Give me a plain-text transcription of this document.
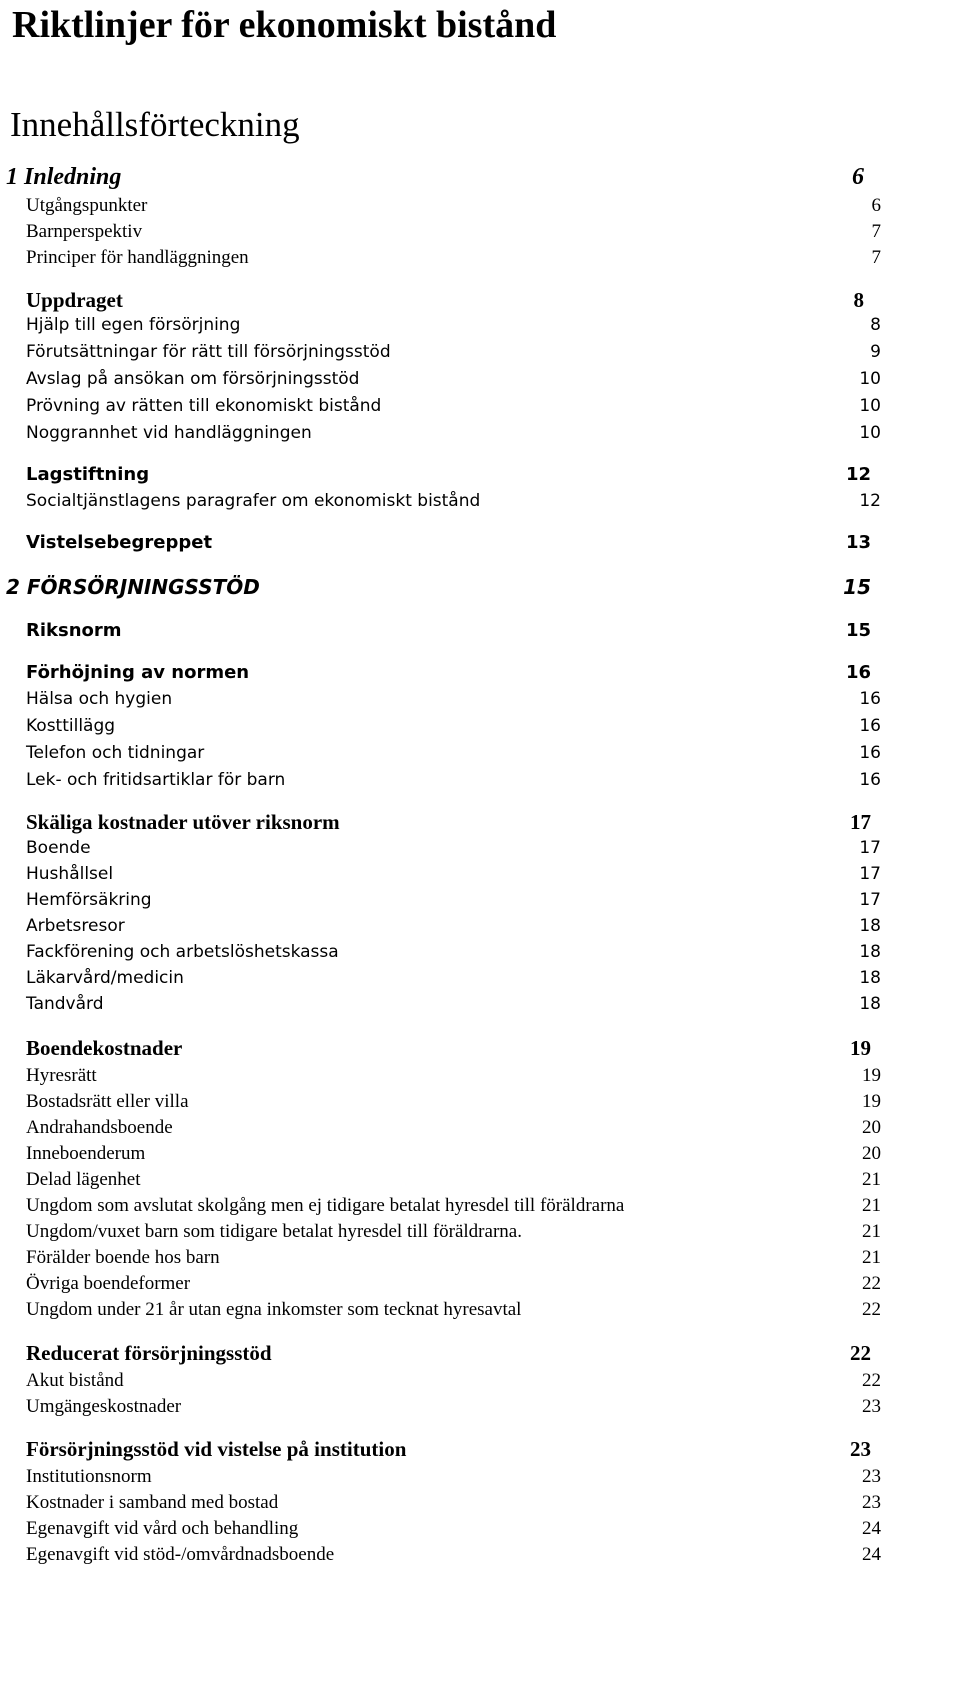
Riktlinjer för ekonomiskt bistånd
Innehållsförteckning
1 Inledning	6
Utgångspunkter	6
Barnperspektiv	7
Principer för handläggningen	7
Uppdraget	8
Hjälp till egen försörjning	8
Förutsättningar för rätt till försörjningsstöd	9
Avslag på ansökan om försörjningsstöd	10
Prövning av rätten till ekonomiskt bistånd	10
Noggrannhet vid handläggningen	10
Lagstiftning	12
Socialtjänstlagens paragrafer om ekonomiskt bistånd	12
Vistelsebegreppet	13
2 FÖRSÖRJNINGSSTÖD	15
Riksnorm	15
Förhöjning av normen	16
Hälsa och hygien	16
Kosttillägg	16
Telefon och tidningar	16
Lek- och fritidsartiklar för barn	16
Skäliga kostnader utöver riksnorm	17
Boende	17
Hushållsel	17
Hemförsäkring	17
Arbetsresor	18
Fackförening och arbetslöshetskassa	18
Läkarvård/medicin	18
Tandvård	18
Boendekostnader	19
Hyresrätt	19
Bostadsrätt eller villa	19
Andrahandsboende	20
Inneboenderum	20
Delad lägenhet	21
Ungdom som avslutat skolgång men ej tidigare betalat hyresdel till föräldrarna	21
Ungdom/vuxet barn som tidigare betalat hyresdel till föräldrarna.	21
Förälder boende hos barn	21
Övriga boendeformer	22
Ungdom under 21 år utan egna inkomster som tecknat hyresavtal	22
Reducerat försörjningsstöd	22
Akut bistånd	22
Umgängeskostnader	23
Försörjningsstöd vid vistelse på institution	23
Institutionsnorm	23
Kostnader i samband med bostad	23
Egenavgift vid vård och behandling	24
Egenavgift vid stöd-/omvårdnadsboende	24
